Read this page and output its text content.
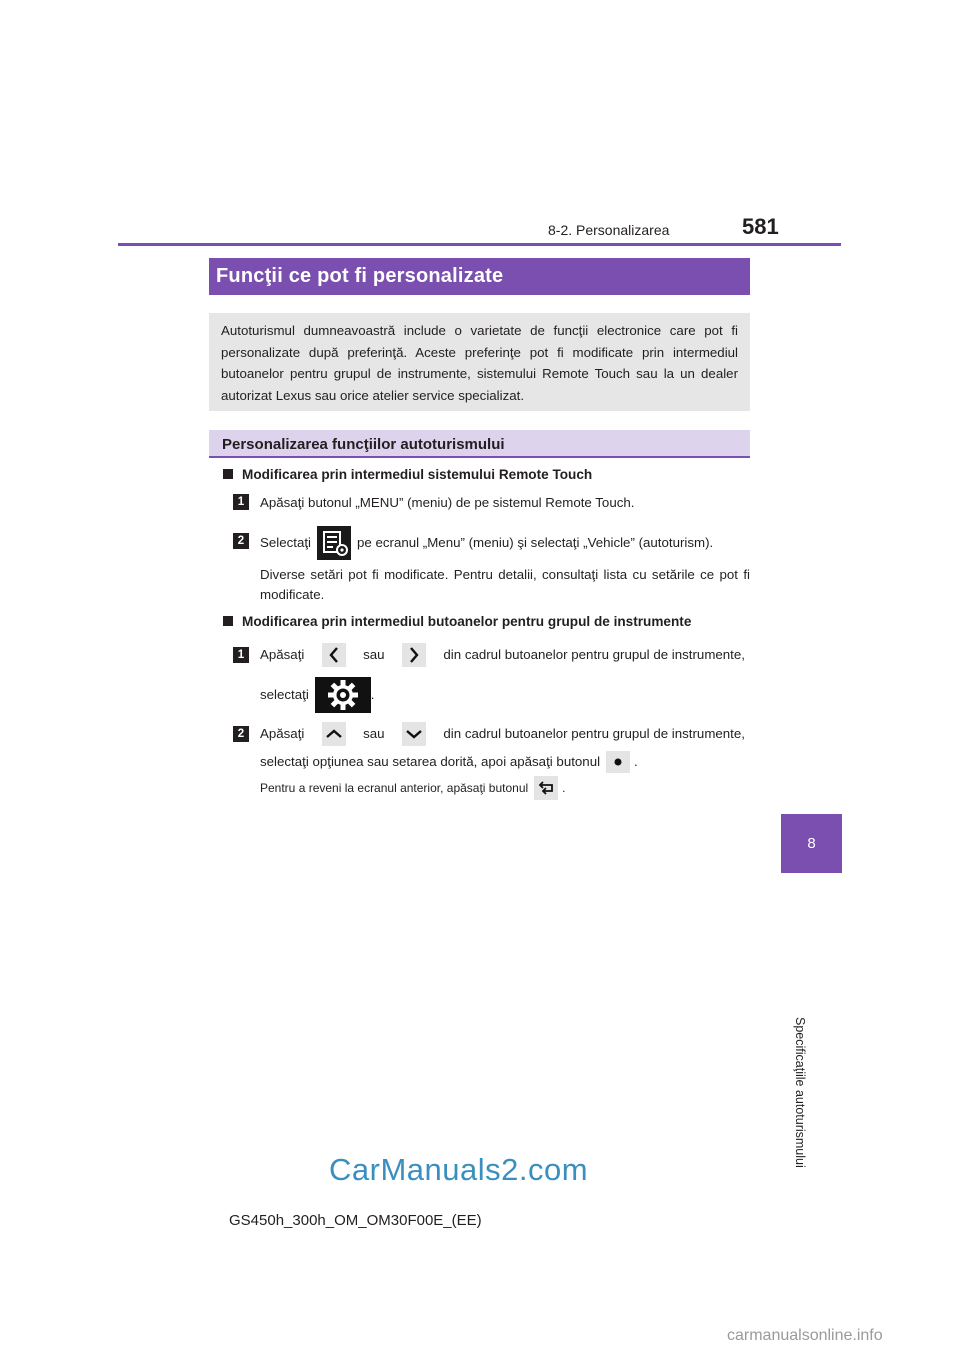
8-2. Personalizarea	581
8
Specificaţiile autoturismului
Funcţii ce pot fi personalizate
Autoturismul dumneavoastră include o varietate de funcţii electronice care pot fi personalizate după preferinţă. Aceste preferinţe pot fi modificate prin intermediul butoanelor pentru grupul de instrumente, sistemului Remote Touch sau la un dealer autorizat Lexus sau orice atelier service specializat.
Personalizarea funcţiilor autoturismului
Modificarea prin intermediul sistemului Remote Touch
1	Apăsaţi butonul „MENU” (meniu) de pe sistemul Remote Touch.
2	Selectaţi	pe ecranul „Menu” (meniu) şi selectaţi „Vehicle” (autoturism).
Diverse setări pot fi modificate. Pentru detalii, consultaţi lista cu setările ce pot fi modificate.
Modificarea prin intermediul butoanelor pentru grupul de instrumente
1	Apăsaţi	sau	din cadrul butoanelor pentru grupul de instrumente,
selectaţi	.
2	Apăsaţi	sau	din cadrul butoanelor pentru grupul de instrumente,
selectaţi opţiunea sau setarea dorită, apoi apăsaţi butonul	.
Pentru a reveni la ecranul anterior, apăsaţi butonul	.
CarManuals2.com
GS450h_300h_OM_OM30F00E_(EE)
carmanualsonline.info
